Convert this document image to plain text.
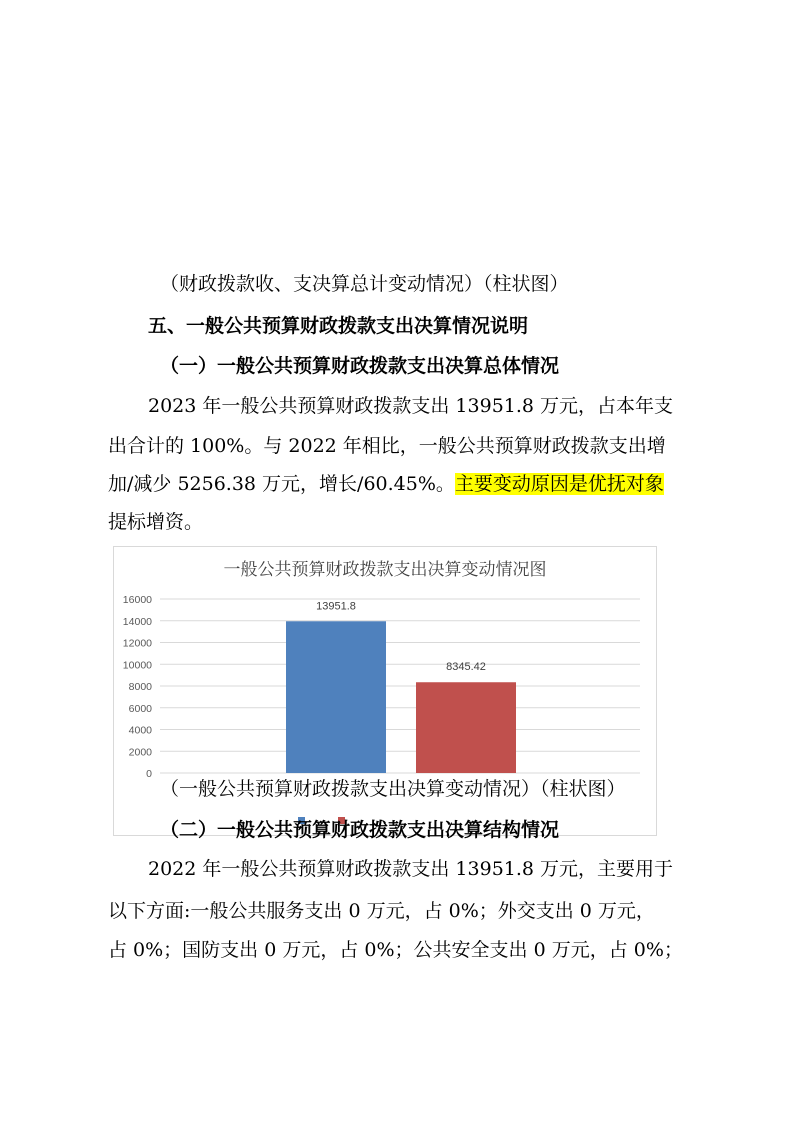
（财政拨款收、支决算总计变动情况）（柱状图）
五、一般公共预算财政拨款支出决算情况说明
（一）一般公共预算财政拨款支出决算总体情况
2023 年一般公共预算财政拨款支出 13951.8 万元，占本年支
出合计的 100%。与 2022 年相比，一般公共预算财政拨款支出增
加/减少 5256.38 万元，增长/60.45%。主要变动原因是优抚对象
提标增资。
一般公共预算财政拨款支出决算变动情况图
0
2000
4000
6000
8000
10000
12000
14000
16000
13951.8
8345.42
（一般公共预算财政拨款支出决算变动情况）（柱状图）
（二）一般公共预算财政拨款支出决算结构情况
2022 年一般公共预算财政拨款支出 13951.8 万元，主要用于
以下方面:一般公共服务支出 0 万元，占 0%；外交支出 0 万元，
占 0%；国防支出 0 万元，占 0%；公共安全支出 0 万元，占 0%；
